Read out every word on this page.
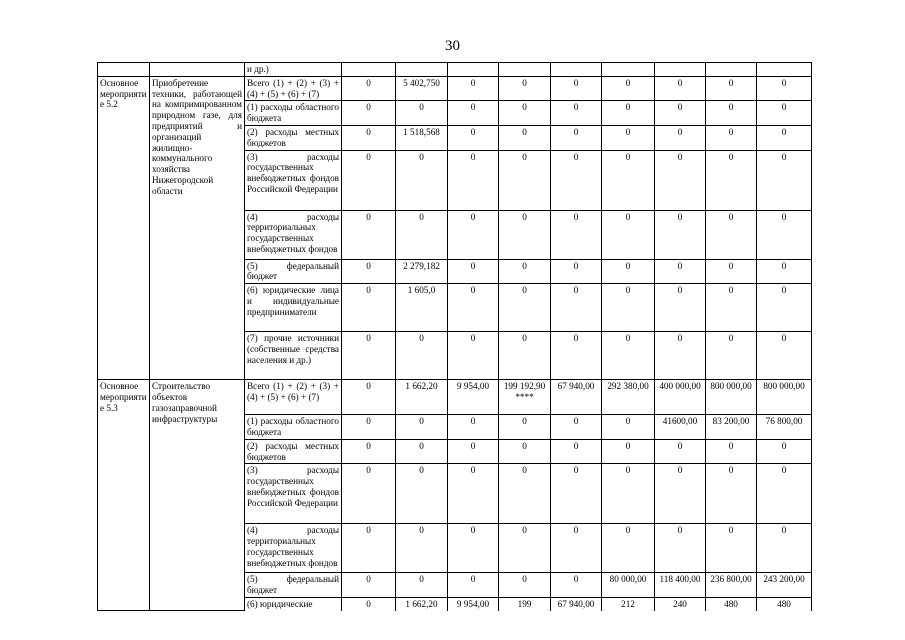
30
		и др.)									
Основное мероприятие 5.2	Приобретение техники, работающей на компримированном природном газе, для предприятий и организаций жилищно-коммунального хозяйства Нижегородской области	Всего (1) + (2) + (3) + (4) + (5) + (6) + (7)	0	5 402,750	0	0	0	0	0	0	0
		(1) расходы областного бюджета	0	0	0	0	0	0	0	0	0
		(2) расходы местных бюджетов	0	1 518,568	0	0	0	0	0	0	0
		(3) расходы государственных внебюджетных фондов Российской Федерации	0	0	0	0	0	0	0	0	0
		(4) расходы территориальных государственных внебюджетных фондов	0	0	0	0	0	0	0	0	0
		(5) федеральный бюджет	0	2 279,182	0	0	0	0	0	0	0
		(6) юридические лица и индивидуальные предприниматели	0	1 605,0	0	0	0	0	0	0	0
		(7) прочие источники (собственные средства населения и др.)	0	0	0	0	0	0	0	0	0
Основное мероприятие 5.3	Строительство объектов газозаправочной инфраструктуры	Всего (1) + (2) + (3) + (4) + (5) + (6) + (7)	0	1 662,20	9 954,00	199 192,90 ****	67 940,00	292 380,00	400 000,00	800 000,00	800 000,00
		(1) расходы областного бюджета	0	0	0	0	0	0	41600,00	83 200,00	76 800,00
		(2) расходы местных бюджетов	0	0	0	0	0	0	0	0	0
		(3) расходы государственных внебюджетных фондов Российской Федерации	0	0	0	0	0	0	0	0	0
		(4) расходы территориальных государственных внебюджетных фондов	0	0	0	0	0	0	0	0	0
		(5) федеральный бюджет	0	0	0	0	0	80 000,00	118 400,00	236 800,00	243 200,00
		(6) юридические	0	1 662,20	9 954,00	199	67 940,00	212	240	480	480
